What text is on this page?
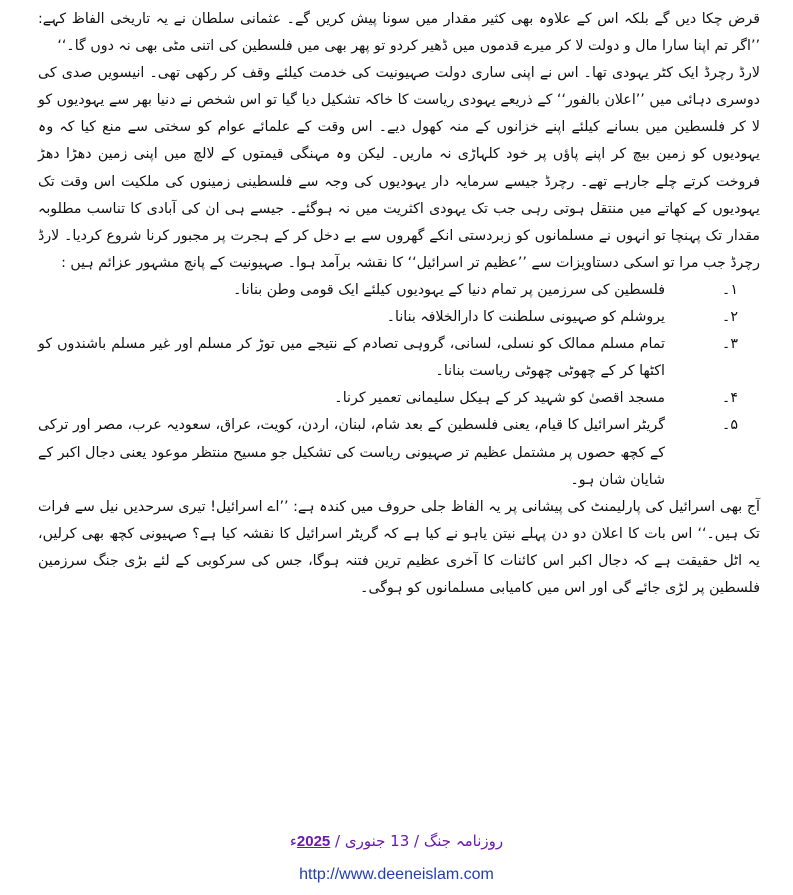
قرض چکا دیں گے بلکہ اس کے علاوہ بھی کثیر مقدار میں سونا پیش کریں گے۔ عثمانی سلطان نے یہ تاریخی الفاظ کہے: ’’اگر تم اپنا سارا مال و دولت لا کر میرے قدموں میں ڈھیر کردو تو پھر بھی میں فلسطین کی اتنی مٹی بھی نہ دوں گا۔‘‘

لارڈ رچرڈ ایک کٹر یہودی تھا۔ اس نے اپنی ساری دولت صہیونیت کی خدمت کیلئے وقف کر رکھی تھی۔ انیسویں صدی کی دوسری دہائی میں ’’اعلان بالفور‘‘ کے ذریعے یہودی ریاست کا خاکہ تشکیل دیا گیا تو اس شخص نے دنیا بھر سے یہودیوں کو لا کر فلسطین میں بسانے کیلئے اپنے خزانوں کے منہ کھول دیے۔ اس وقت کے علمائے عوام کو سختی سے منع کیا کہ وہ یہودیوں کو زمین بیچ کر اپنے پاؤں پر خود کلہاڑی نہ ماریں۔ لیکن وہ مہنگی قیمتوں کے لالچ میں اپنی زمین دھڑا دھڑ فروخت کرتے چلے جارہے تھے۔ رچرڈ جیسے سرمایہ دار یہودیوں کی وجہ سے فلسطینی زمینوں کی ملکیت اس وقت تک یہودیوں کے کھاتے میں منتقل ہوتی رہی جب تک یہودی اکثریت میں نہ ہوگئے۔ جیسے ہی ان کی آبادی کا تناسب مطلوبہ مقدار تک پہنچا تو انہوں نے مسلمانوں کو زبردستی انکے گھروں سے بے دخل کر کے ہجرت پر مجبور کرنا شروع کردیا۔ لارڈ رچرڈ جب مرا تو اسکی دستاویزات سے ’’عظیم تر اسرائیل‘‘ کا نقشہ برآمد ہوا۔ صہیونیت کے پانچ مشہور عزائم ہیں :

۱۔
فلسطین کی سرزمین پر تمام دنیا کے یہودیوں کیلئے ایک قومی وطن بنانا۔
۲۔
یروشلم کو صہیونی سلطنت کا دارالخلافہ بنانا۔
۳۔
تمام مسلم ممالک کو نسلی، لسانی، گروہی تصادم کے نتیجے میں توڑ کر مسلم اور غیر مسلم باشندوں کو اکٹھا کر کے چھوٹی چھوٹی ریاست بنانا۔
۴۔
مسجد اقصیٰ کو شہید کر کے ہیکل سلیمانی تعمیر کرنا۔
۵۔
گریٹر اسرائیل کا قیام، یعنی فلسطین کے بعد شام، لبنان، اردن، کویت، عراق، سعودیہ عرب، مصر اور ترکی کے کچھ حصوں پر مشتمل عظیم تر صہیونی ریاست کی تشکیل جو مسیح منتظر موعود یعنی دجال اکبر کے شایان شان ہو۔

آج بھی اسرائیل کی پارلیمنٹ کی پیشانی پر یہ الفاظ جلی حروف میں کندہ ہے: ’’اے اسرائیل! تیری سرحدیں نیل سے فرات تک ہیں۔‘‘ اس بات کا اعلان دو دن پہلے نیتن یاہو نے کیا ہے کہ گریٹر اسرائیل کا نقشہ کیا ہے؟ صہیونی کچھ بھی کرلیں، یہ اٹل حقیقت ہے کہ دجال اکبر اس کائنات کا آخری عظیم ترین فتنہ ہوگا، جس کی سرکوبی کے لئے بڑی جنگ سرزمین فلسطین پر لڑی جائے گی اور اس میں کامیابی مسلمانوں کو ہوگی۔

روزنامہ جنگ / 13 جنوری / 2025ء
http://www.deeneislam.com
